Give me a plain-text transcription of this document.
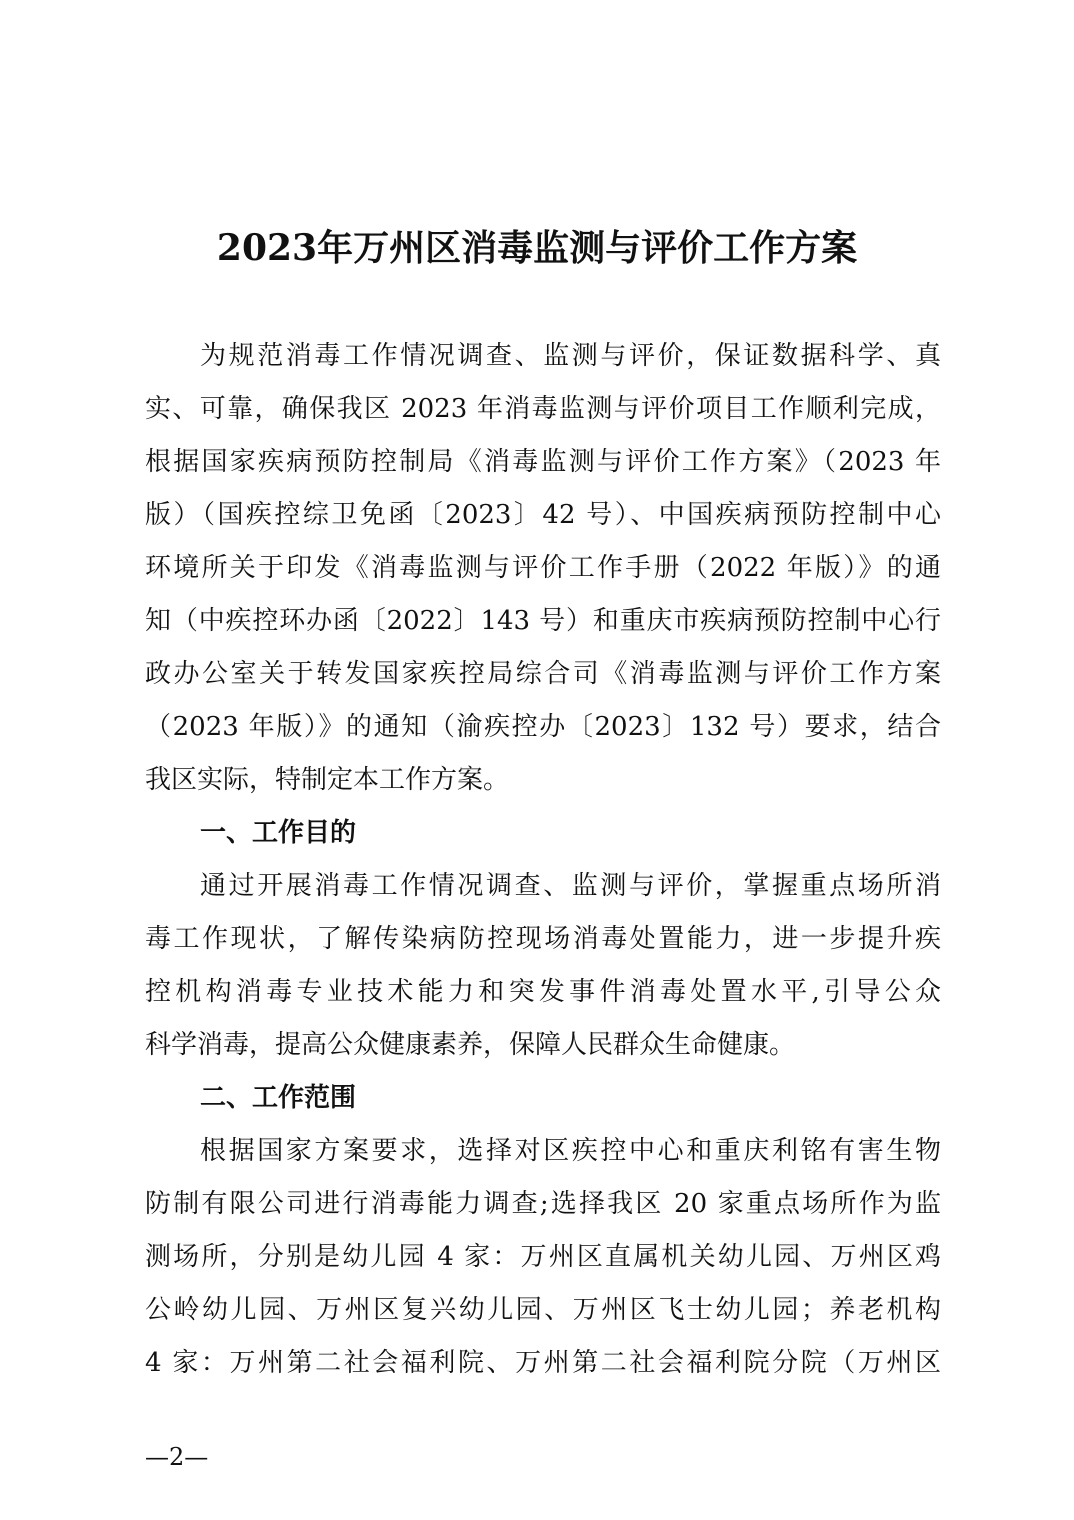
2023年万州区消毒监测与评价工作方案

为规范消毒工作情况调查、监测与评价，保证数据科学、真

实、可靠，确保我区 2023 年消毒监测与评价项目工作顺利完成，

根据国家疾病预防控制局《消毒监测与评价工作方案》（2023 年

版）（国疾控综卫免函〔2023〕42 号）、中国疾病预防控制中心

环境所关于印发《消毒监测与评价工作手册（2022 年版）》的通

知（中疾控环办函〔2022〕143 号）和重庆市疾病预防控制中心行

政办公室关于转发国家疾控局综合司《消毒监测与评价工作方案

（2023 年版）》的通知（渝疾控办〔2023〕132 号）要求，结合

我区实际，特制定本工作方案。

一、工作目的

通过开展消毒工作情况调查、监测与评价，掌握重点场所消

毒工作现状，了解传染病防控现场消毒处置能力，进一步提升疾

控机构消毒专业技术能力和突发事件消毒处置水平,引导公众

科学消毒，提高公众健康素养，保障人民群众生命健康。

二、工作范围

根据国家方案要求，选择对区疾控中心和重庆利铭有害生物

防制有限公司进行消毒能力调查;选择我区 20 家重点场所作为监

测场所，分别是幼儿园 4 家：万州区直属机关幼儿园、万州区鸡

公岭幼儿园、万州区复兴幼儿园、万州区飞士幼儿园；养老机构

4 家：万州第二社会福利院、万州第二社会福利院分院（万州区

—2—
